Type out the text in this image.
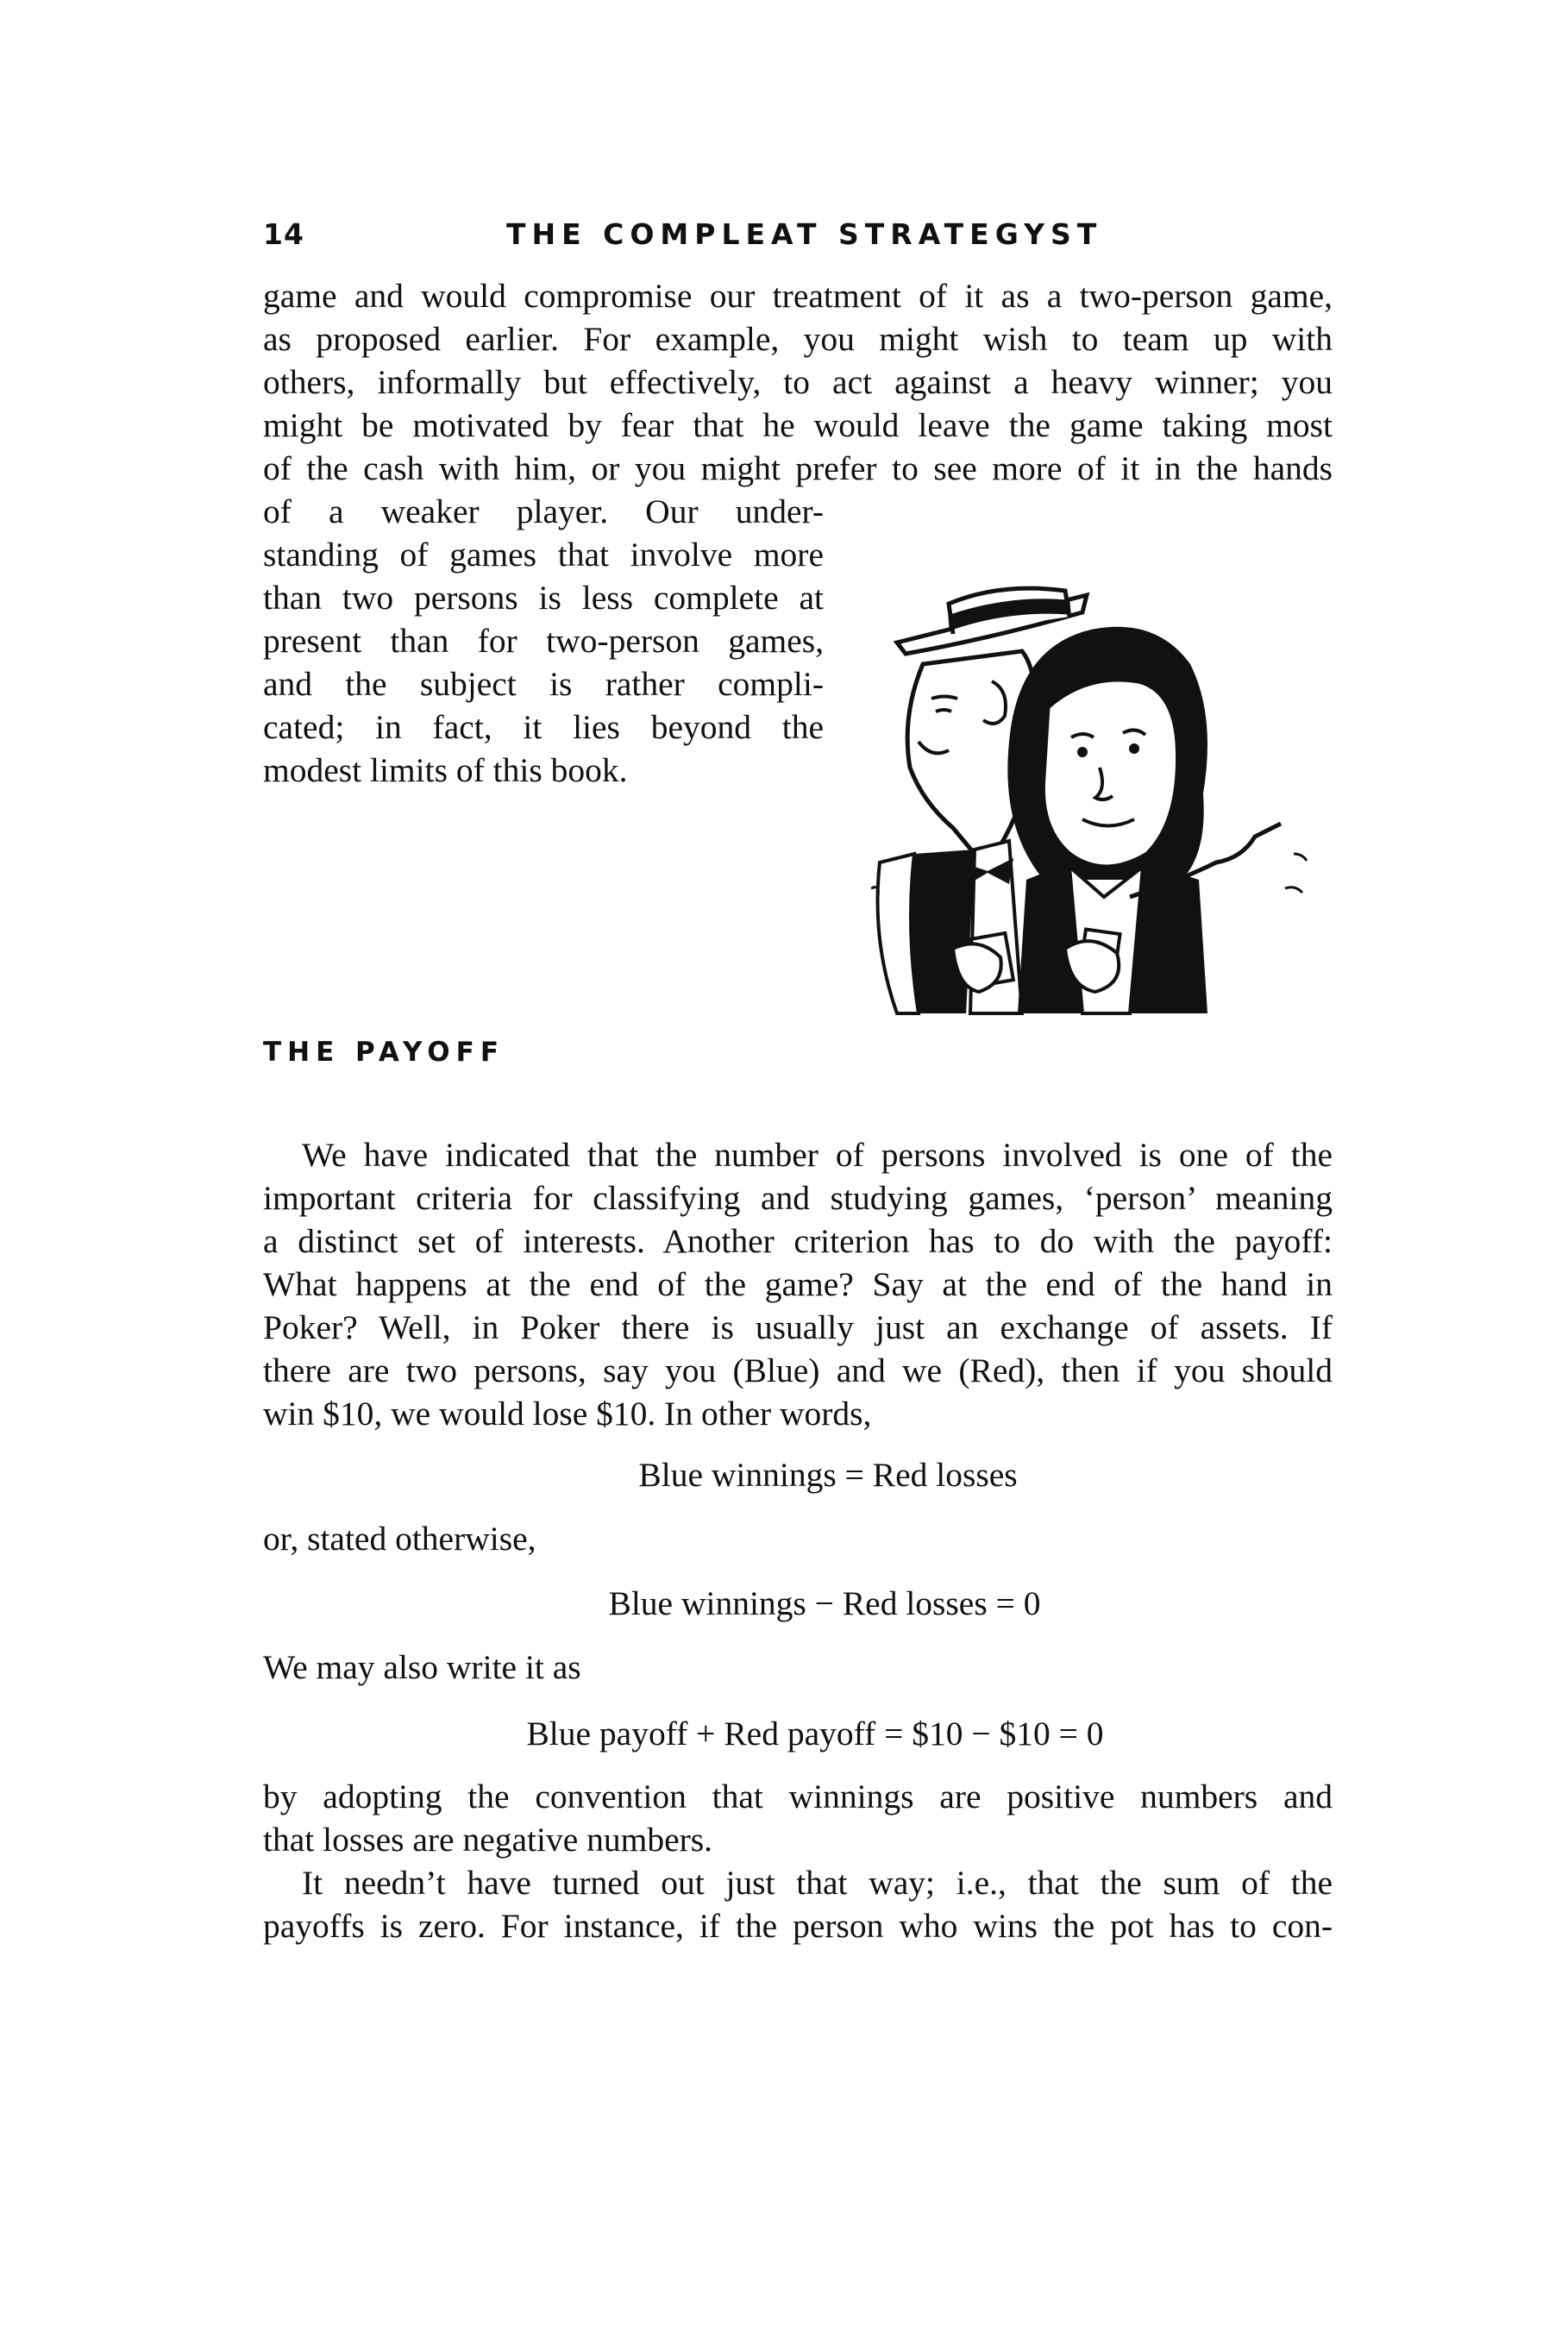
14	THE COMPLEAT STRATEGYST
game and would compromise our treatment of it as a two-person game,
as proposed earlier. For example, you might wish to team up with
others, informally but effectively, to act against a heavy winner; you
might be motivated by fear that he would leave the game taking most
of the cash with him, or you might prefer to see more of it in the hands
of a weaker player. Our under-
standing of games that involve more
than two persons is less complete at
present than for two-person games,
and the subject is rather compli-
cated; in fact, it lies beyond the
modest limits of this book.
THE PAYOFF
We have indicated that the number of persons involved is one of the
important criteria for classifying and studying games, ‘person’ meaning
a distinct set of interests. Another criterion has to do with the payoff:
What happens at the end of the game? Say at the end of the hand in
Poker? Well, in Poker there is usually just an exchange of assets. If
there are two persons, say you (Blue) and we (Red), then if you should
win $10, we would lose $10. In other words,
Blue winnings = Red losses
or, stated otherwise,
Blue winnings − Red losses = 0
We may also write it as
Blue payoff + Red payoff = $10 − $10 = 0
by adopting the convention that winnings are positive numbers and
that losses are negative numbers.
It needn’t have turned out just that way; i.e., that the sum of the
payoffs is zero. For instance, if the person who wins the pot has to con-
